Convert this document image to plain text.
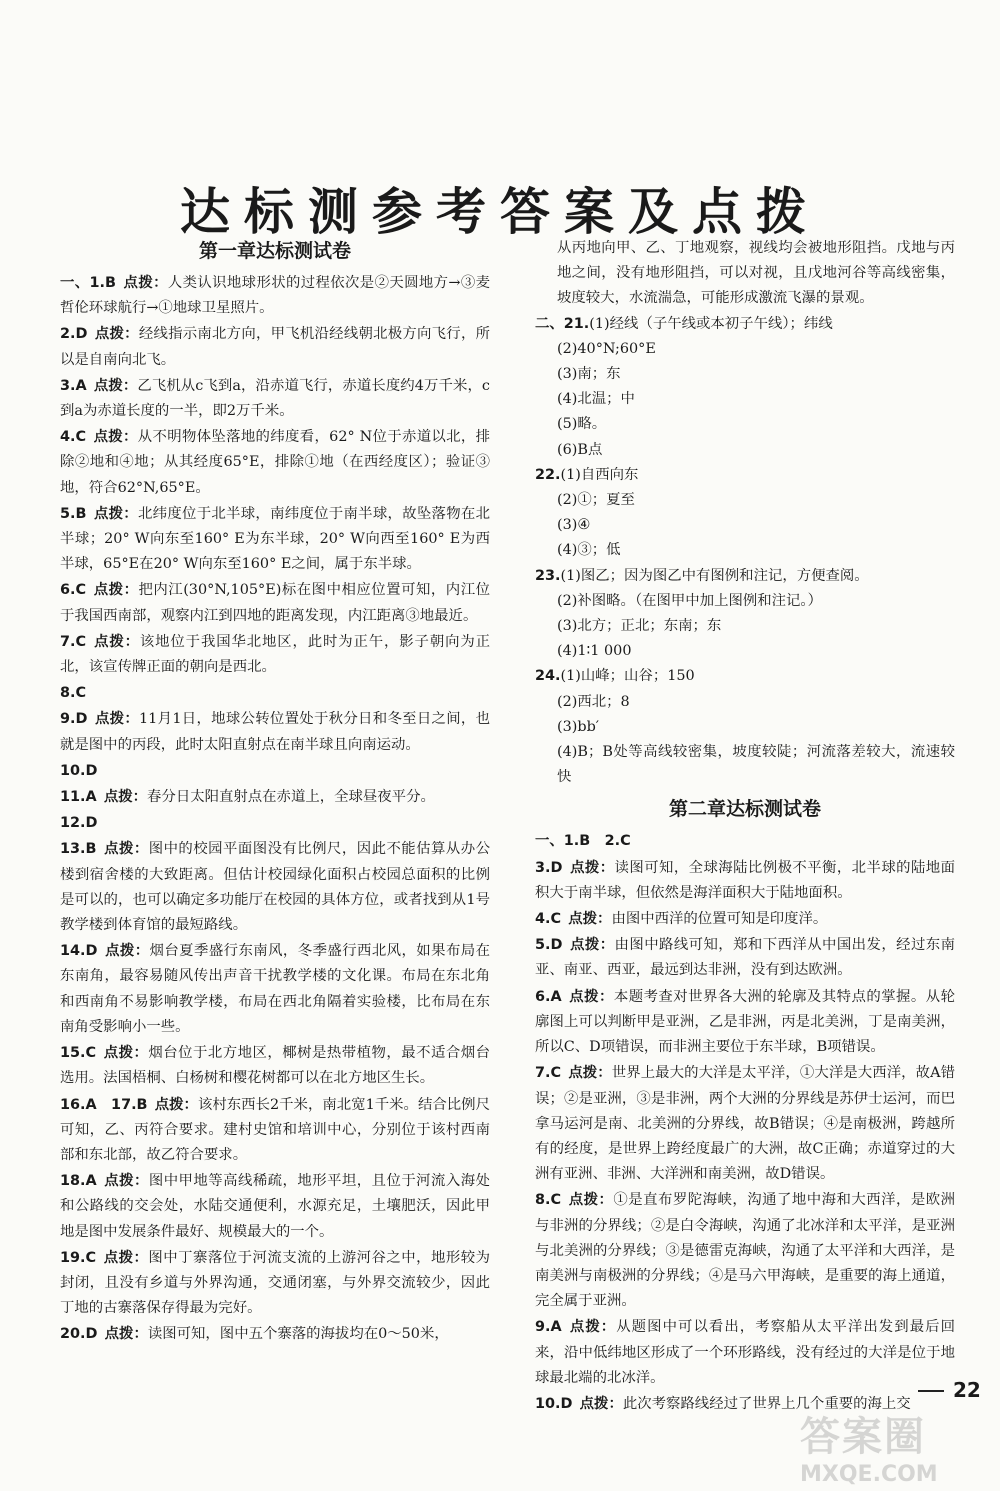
达标测参考答案及点拨
第一章达标测试卷
一、1.B  点拨：人类认识地球形状的过程依次是②天圆地方→③麦哲伦环球航行→①地球卫星照片。
2.D  点拨：经线指示南北方向，甲飞机沿经线朝北极方向飞行，所以是自南向北飞。
3.A  点拨：乙飞机从c飞到a，沿赤道飞行，赤道长度约4万千米，c到a为赤道长度的一半，即2万千米。
4.C  点拨：从不明物体坠落地的纬度看，62° N位于赤道以北，排除②地和④地；从其经度65°E，排除①地（在西经度区）；验证③地，符合62°N,65°E。
5.B  点拨：北纬度位于北半球，南纬度位于南半球，故坠落物在北半球；20° W向东至160° E为东半球，20° W向西至160° E为西半球，65°E在20° W向东至160° E之间，属于东半球。
6.C  点拨：把内江(30°N,105°E)标在图中相应位置可知，内江位于我国西南部，观察内江到四地的距离发现，内江距离③地最近。
7.C  点拨：该地位于我国华北地区，此时为正午，影子朝向为正北，该宣传牌正面的朝向是西北。
8.C 
9.D  点拨：11月1日，地球公转位置处于秋分日和冬至日之间，也就是图中的丙段，此时太阳直射点在南半球且向南运动。
10.D 
11.A  点拨：春分日太阳直射点在赤道上，全球昼夜平分。
12.D 
13.B  点拨：图中的校园平面图没有比例尺，因此不能估算从办公楼到宿舍楼的大致距离。但估计校园绿化面积占校园总面积的比例是可以的，也可以确定多功能厅在校园的具体方位，或者找到从1号教学楼到体育馆的最短路线。
14.D  点拨：烟台夏季盛行东南风，冬季盛行西北风，如果布局在东南角，最容易随风传出声音干扰教学楼的文化课。布局在东北角和西南角不易影响教学楼，布局在西北角隔着实验楼，比布局在东南角受影响小一些。
15.C  点拨：烟台位于北方地区，椰树是热带植物，最不适合烟台选用。法国梧桐、白杨树和樱花树都可以在北方地区生长。
16.A　17.B  点拨：该村东西长2千米，南北宽1千米。结合比例尺可知，乙、丙符合要求。建村史馆和培训中心，分别位于该村西南部和东北部，故乙符合要求。
18.A  点拨：图中甲地等高线稀疏，地形平坦，且位于河流入海处和公路线的交会处，水陆交通便利，水源充足，土壤肥沃，因此甲地是图中发展条件最好、规模最大的一个。
19.C  点拨：图中丁寨落位于河流支流的上游河谷之中，地形较为封闭，且没有乡道与外界沟通，交通闭塞，与外界交流较少，因此丁地的古寨落保存得最为完好。
20.D  点拨：读图可知，图中五个寨落的海拔均在0～50米，
从丙地向甲、乙、丁地观察，视线均会被地形阻挡。戊地与丙地之间，没有地形阻挡，可以对视，且戊地河谷等高线密集，坡度较大，水流湍急，可能形成激流飞瀑的景观。
二、21.(1)经线（子午线或本初子午线）；纬线
(2)40°N;60°E
(3)南；东
(4)北温；中
(5)略。
(6)B点
22.(1)自西向东
(2)①；夏至
(3)④
(4)③；低
23.(1)图乙；因为图乙中有图例和注记，方便查阅。
(2)补图略。（在图甲中加上图例和注记。）
(3)北方；正北；东南；东
(4)1∶1 000
24.(1)山峰；山谷；150
(2)西北；8
(3)bb′
(4)B；B处等高线较密集，坡度较陡；河流落差较大，流速较快
第二章达标测试卷
一、1.B　2.C 
3.D  点拨：读图可知，全球海陆比例极不平衡，北半球的陆地面积大于南半球，但依然是海洋面积大于陆地面积。
4.C  点拨：由图中西洋的位置可知是印度洋。
5.D  点拨：由图中路线可知，郑和下西洋从中国出发，经过东南亚、南亚、西亚，最远到达非洲，没有到达欧洲。
6.A  点拨：本题考查对世界各大洲的轮廓及其特点的掌握。从轮廓图上可以判断甲是亚洲，乙是非洲，丙是北美洲，丁是南美洲，所以C、D项错误，而非洲主要位于东半球，B项错误。
7.C  点拨：世界上最大的大洋是太平洋，①大洋是大西洋，故A错误；②是亚洲，③是非洲，两个大洲的分界线是苏伊士运河，而巴拿马运河是南、北美洲的分界线，故B错误；④是南极洲，跨越所有的经度，是世界上跨经度最广的大洲，故C正确；赤道穿过的大洲有亚洲、非洲、大洋洲和南美洲，故D错误。
8.C  点拨：①是直布罗陀海峡，沟通了地中海和大西洋，是欧洲与非洲的分界线；②是白令海峡，沟通了北冰洋和太平洋，是亚洲与北美洲的分界线；③是德雷克海峡，沟通了太平洋和大西洋，是南美洲与南极洲的分界线；④是马六甲海峡，是重要的海上通道，完全属于亚洲。
9.A  点拨：从题图中可以看出，考察船从太平洋出发到最后回来，沿中低纬地区形成了一个环形路线，没有经过的大洋是位于地球最北端的北冰洋。
10.D  点拨：此次考察路线经过了世界上几个重要的海上交
22
答案圈
MXQE.COM
